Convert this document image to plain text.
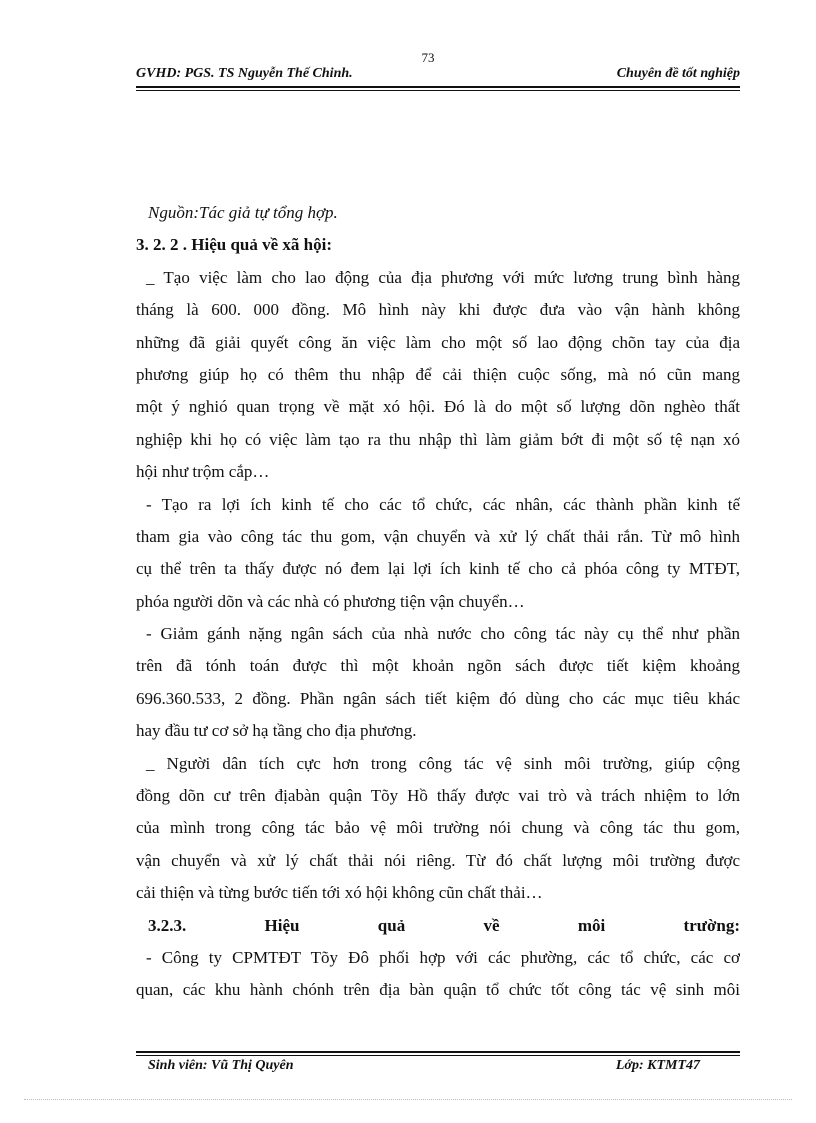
73
GVHD: PGS. TS Nguyễn Thế Chinh.	Chuyên đề tốt nghiệp
Nguồn:Tác giả tự tổng hợp.
3. 2. 2 . Hiệu quả về xã hội:
_ Tạo việc làm cho lao động của địa phương với mức lương trung bình hàng
tháng là 600. 000 đồng. Mô hình này khi được đưa vào vận hành không
những đã giải quyết công ăn việc làm cho một số lao động chõn tay của địa
phương giúp họ có thêm thu nhập để cải thiện cuộc sống, mà nó cũn mang
một ý nghió quan trọng về mặt xó hội. Đó là do một số lượng dõn nghèo thất
nghiệp khi họ có việc làm tạo ra thu nhập thì làm giảm bớt đi một số tệ nạn xó
hội như trộm cắp…
- Tạo ra lợi ích kinh tế cho các tổ chức, các nhân, các thành phần kinh tế
tham gia vào công tác thu gom, vận chuyển và xử lý chất thải rắn. Từ mô hình
cụ thể trên ta thấy được nó đem lại lợi ích kinh tế cho cả phóa công ty MTĐT,
phóa người dõn và các nhà có phương tiện vận chuyển…
- Giảm gánh nặng ngân sách của nhà nước cho công tác này cụ thể như phần
trên đã tónh toán được thì một khoản ngõn sách được tiết kiệm khoảng
696.360.533, 2 đồng. Phần ngân sách tiết kiệm đó dùng cho các mục tiêu khác
hay đầu tư cơ sở hạ tầng cho địa phương.
_ Người dân tích cực hơn trong công tác vệ sinh môi trường, giúp cộng
đồng dõn cư trên địabàn quận Tõy Hồ thấy được vai trò và trách nhiệm to lớn
của mình trong công tác bảo vệ môi trường nói chung và công tác thu gom,
vận chuyển và xử lý chất thải nói riêng. Từ đó chất lượng môi trường được
cải thiện và từng bước tiến tới xó hội không cũn chất thải…
3.2.3.	Hiệu	quả	về	môi	trường:
- Công ty CPMTĐT Tõy Đô phối hợp với các phường, các tổ chức, các cơ
quan, các khu hành chónh trên địa bàn quận tổ chức tốt công tác vệ sinh môi
Sinh viên: Vũ Thị Quyên	Lớp: KTMT47
